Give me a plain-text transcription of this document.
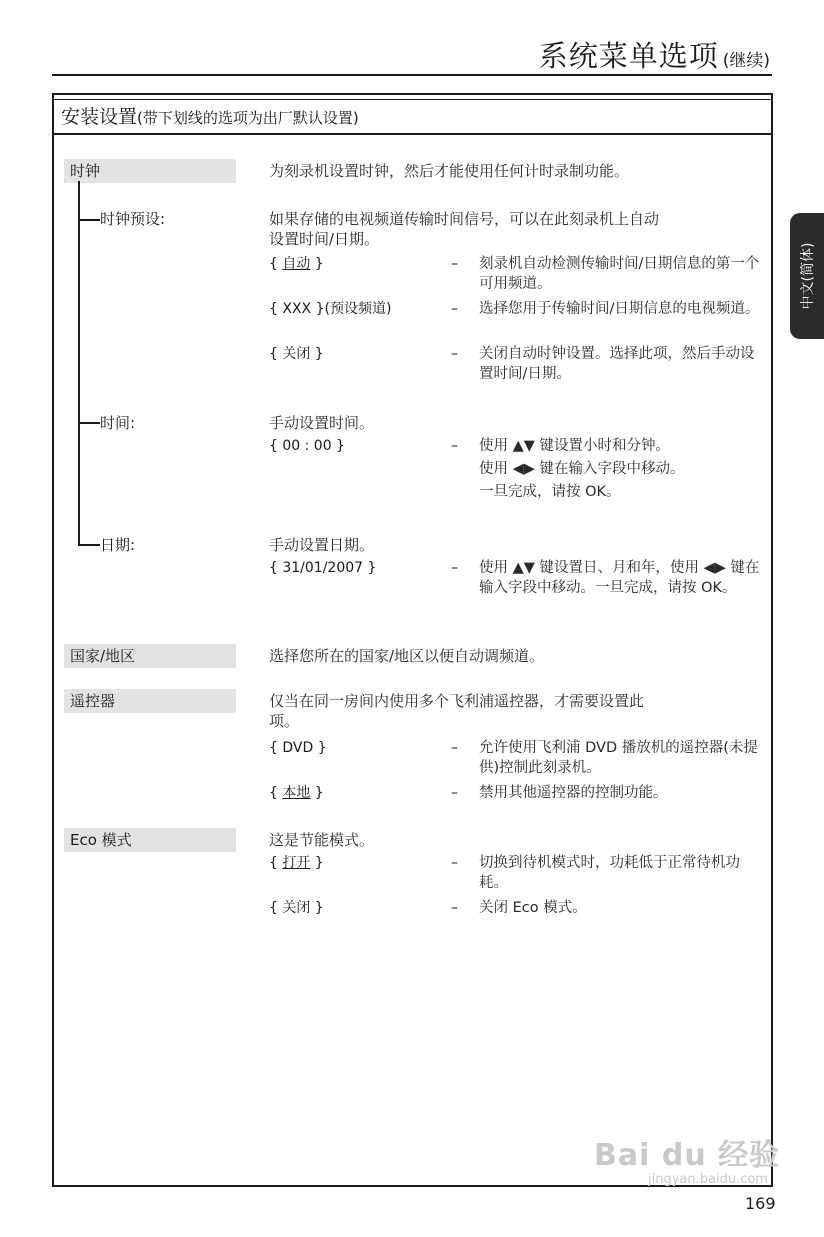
系统菜单选项 (继续)
中文(简体)
安装设置(带下划线的选项为出厂默认设置)
时钟	为刻录机设置时钟，然后才能使用任何计时录制功能。
时钟预设:	如果存储的电视频道传输时间信号，可以在此刻录机上自动
设置时间/日期。
{ 自动 }	– 刻录机自动检测传输时间/日期信息的第一个可用频道。
{ XXX }(预设频道)	– 选择您用于传输时间/日期信息的电视频道。
{ 关闭 }	– 关闭自动时钟设置。选择此项，然后手动设置时间/日期。
时间:	手动设置时间。
{ 00 : 00 }	– 使用 ▲▼ 键设置小时和分钟。
使用 ◀▶ 键在输入字段中移动。
一旦完成，请按 OK。
日期:	手动设置日期。
{ 31/01/2007 }	– 使用 ▲▼ 键设置日、月和年，使用 ◀▶ 键在输入字段中移动。一旦完成，请按 OK。
国家/地区	选择您所在的国家/地区以便自动调频道。
遥控器	仅当在同一房间内使用多个飞利浦遥控器，才需要设置此
项。
{ DVD }	– 允许使用飞利浦 DVD 播放机的遥控器(未提供)控制此刻录机。
{ 本地 }	– 禁用其他遥控器的控制功能。
Eco 模式	这是节能模式。
{ 打开 }	– 切换到待机模式时，功耗低于正常待机功耗。
{ 关闭 }	– 关闭 Eco 模式。
Bai du 经验
jingyan.baidu.com
169
